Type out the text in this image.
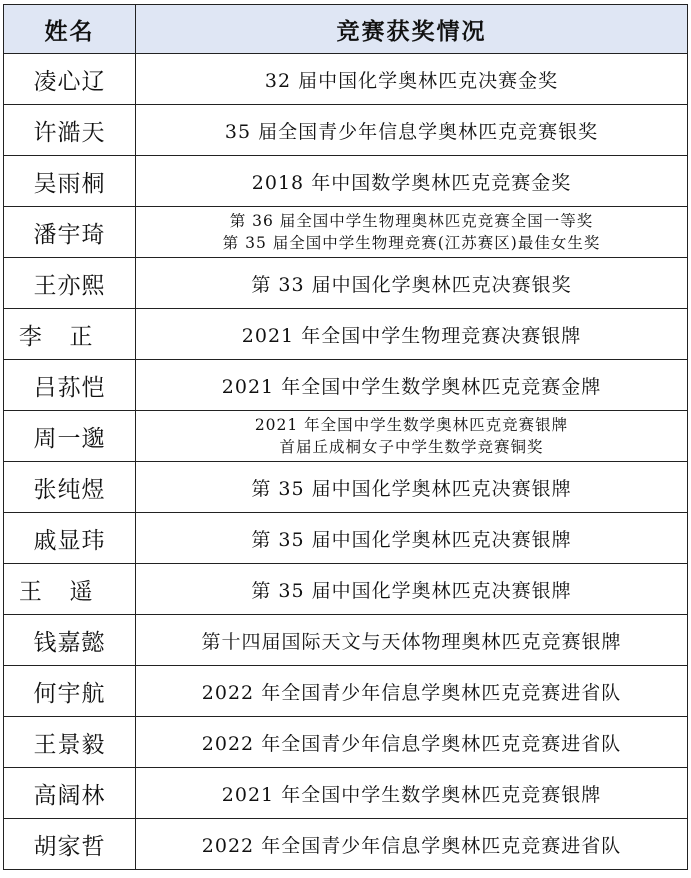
姓名	竞赛获奖情况
凌心辽	32 届中国化学奥林匹克决赛金奖

许澔天	35 届全国青少年信息学奥林匹克竞赛银奖

吴雨桐	2018 年中国数学奥林匹克竞赛金奖

潘宇琦	第 36 届全国中学生物理奥林匹克竞赛全国一等奖
第 35 届全国中学生物理竞赛(江苏赛区)最佳女生奖

王亦熙	第 33 届中国化学奥林匹克决赛银奖

李正	2021 年全国中学生物理竞赛决赛银牌

吕荪恺	2021 年全国中学生数学奥林匹克竞赛金牌

周一邈	2021 年全国中学生数学奥林匹克竞赛银牌
首届丘成桐女子中学生数学竞赛铜奖

张纯煜	第 35 届中国化学奥林匹克决赛银牌

戚显玮	第 35 届中国化学奥林匹克决赛银牌

王遥	第 35 届中国化学奥林匹克决赛银牌

钱嘉懿	第十四届国际天文与天体物理奥林匹克竞赛银牌

何宇航	2022 年全国青少年信息学奥林匹克竞赛进省队

王景毅	2022 年全国青少年信息学奥林匹克竞赛进省队

高阔林	2021 年全国中学生数学奥林匹克竞赛银牌

胡家哲	2022 年全国青少年信息学奥林匹克竞赛进省队
